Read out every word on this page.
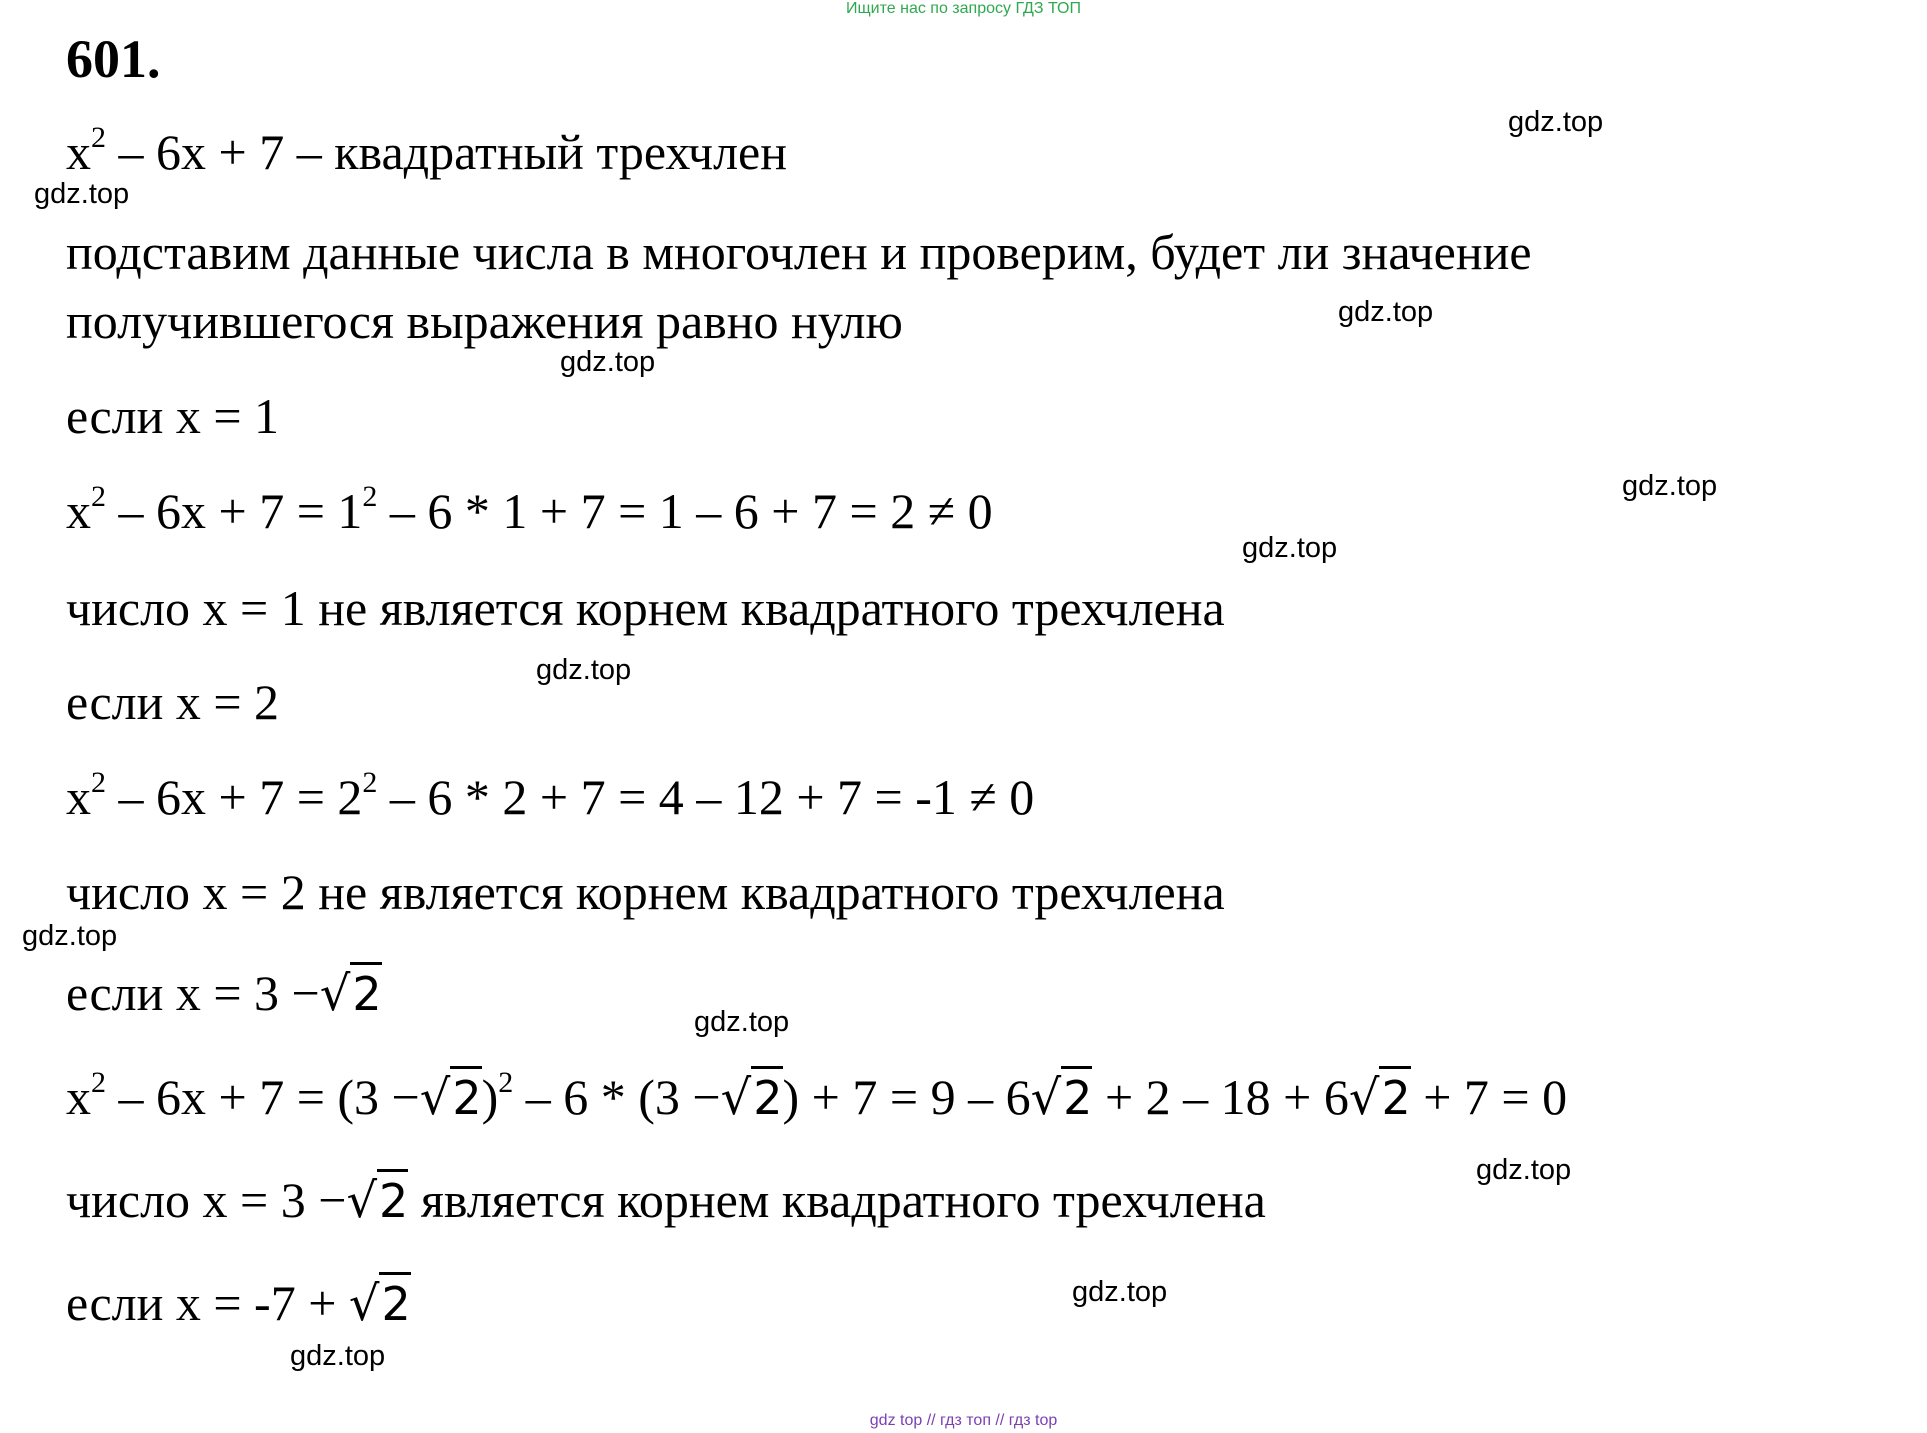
Ищите нас по запросу ГДЗ ТОП
601.
$x^2 - 6x + 7$ – квадратный трехчлен
подставим данные числа в многочлен и проверим, будет ли значение
получившегося выражения равно нулю
если x = 1
$x^2 - 6x + 7 = 1^2 - 6 * 1 + 7 = 1 - 6 + 7 = 2 \ne 0$
число x = 1 не является корнем квадратного трехчлена
если x = 2
$x^2 - 6x + 7 = 2^2 - 6 * 2 + 7 = 4 - 12 + 7 = -1 \ne 0$
число x = 2 не является корнем квадратного трехчлена
если x = 3 −√2
$x^2 - 6x + 7 = (3 -√2)^2 - 6 * (3 -√2) + 7 = 9 - 6√2 + 2 - 18 + 6√2 + 7 = 0$
число x = 3 −√2 является корнем квадратного трехчлена
если x = -7 + √2
gdz.top
gdz.top
gdz.top
gdz.top
gdz.top
gdz.top
gdz.top
gdz.top
gdz.top
gdz.top
gdz.top
gdz.top
gdz top // гдз топ // гдз top
